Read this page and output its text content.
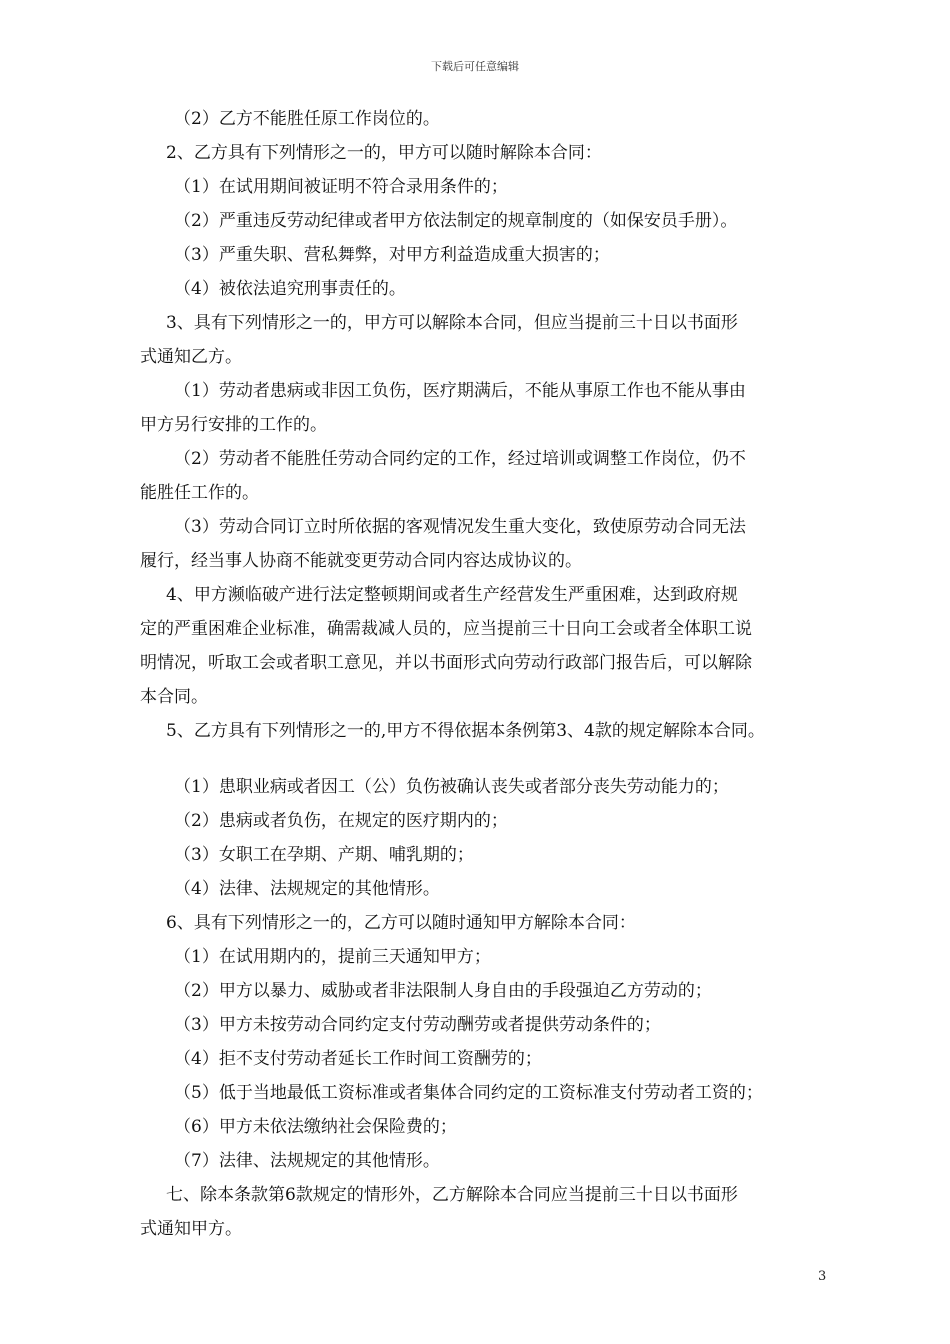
下载后可任意编辑
（2）乙方不能胜任原工作岗位的。
2、乙方具有下列情形之一的，甲方可以随时解除本合同：
（1）在试用期间被证明不符合录用条件的；
（2）严重违反劳动纪律或者甲方依法制定的规章制度的（如保安员手册）。
（3）严重失职、营私舞弊，对甲方利益造成重大损害的；
（4）被依法追究刑事责任的。
3、具有下列情形之一的，甲方可以解除本合同，但应当提前三十日以书面形
式通知乙方。
（1）劳动者患病或非因工负伤，医疗期满后，不能从事原工作也不能从事由
甲方另行安排的工作的。
（2）劳动者不能胜任劳动合同约定的工作，经过培训或调整工作岗位，仍不
能胜任工作的。
（3）劳动合同订立时所依据的客观情况发生重大变化，致使原劳动合同无法
履行，经当事人协商不能就变更劳动合同内容达成协议的。
4、甲方濒临破产进行法定整顿期间或者生产经营发生严重困难，达到政府规
定的严重困难企业标准，确需裁减人员的，应当提前三十日向工会或者全体职工说
明情况，听取工会或者职工意见，并以书面形式向劳动行政部门报告后，可以解除
本合同。
5、乙方具有下列情形之一的,甲方不得依据本条例第3、4款的规定解除本合同。
（1）患职业病或者因工（公）负伤被确认丧失或者部分丧失劳动能力的；
（2）患病或者负伤，在规定的医疗期内的；
（3）女职工在孕期、产期、哺乳期的；
（4）法律、法规规定的其他情形。
6、具有下列情形之一的，乙方可以随时通知甲方解除本合同：
（1）在试用期内的，提前三天通知甲方；
（2）甲方以暴力、威胁或者非法限制人身自由的手段强迫乙方劳动的；
（3）甲方未按劳动合同约定支付劳动酬劳或者提供劳动条件的；
（4）拒不支付劳动者延长工作时间工资酬劳的；
（5）低于当地最低工资标准或者集体合同约定的工资标准支付劳动者工资的；
（6）甲方未依法缴纳社会保险费的；
（7）法律、法规规定的其他情形。
七、除本条款第6款规定的情形外，乙方解除本合同应当提前三十日以书面形
式通知甲方。
3
